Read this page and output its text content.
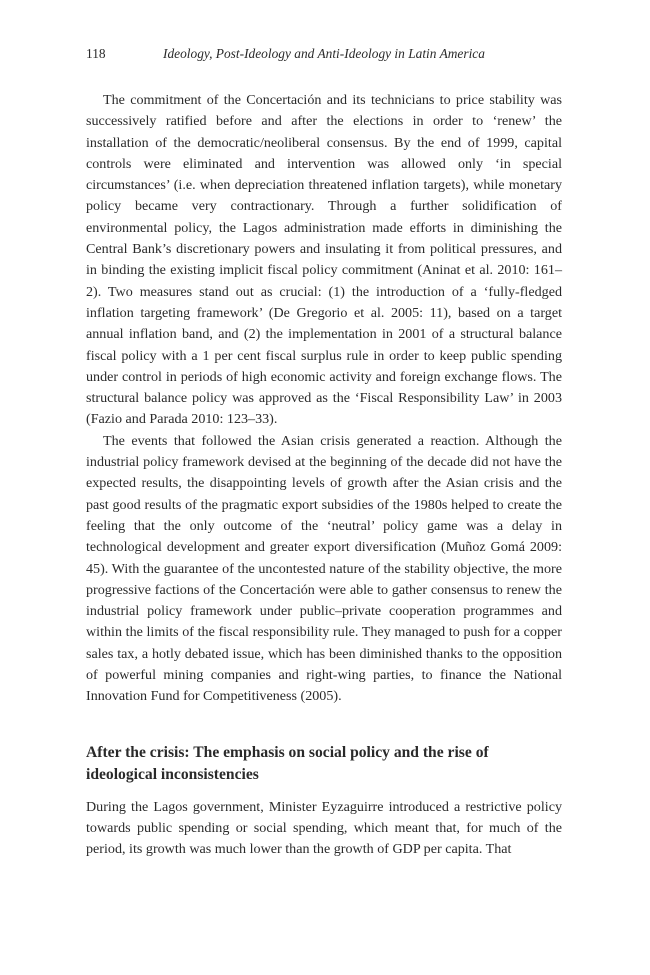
118	Ideology, Post-Ideology and Anti-Ideology in Latin America

The commitment of the Concertación and its technicians to price stability was successively ratified before and after the elections in order to ‘renew’ the installation of the democratic/neoliberal consensus. By the end of 1999, capital controls were eliminated and intervention was allowed only ‘in special circumstances’ (i.e. when depreciation threatened inflation targets), while monetary policy became very contractionary. Through a further solidification of environmental policy, the Lagos administration made efforts in diminishing the Central Bank’s discretionary powers and insulating it from political pressures, and in binding the existing implicit fiscal policy commitment (Aninat et al. 2010: 161–2). Two measures stand out as crucial: (1) the introduction of a ‘fully-fledged inflation targeting framework’ (De Gregorio et al. 2005: 11), based on a target annual inflation band, and (2) the implementation in 2001 of a structural balance fiscal policy with a 1 per cent fiscal surplus rule in order to keep public spending under control in periods of high economic activity and foreign exchange flows. The structural balance policy was approved as the ‘Fiscal Responsibility Law’ in 2003 (Fazio and Parada 2010: 123–33).

The events that followed the Asian crisis generated a reaction. Although the industrial policy framework devised at the beginning of the decade did not have the expected results, the disappointing levels of growth after the Asian crisis and the past good results of the pragmatic export subsidies of the 1980s helped to create the feeling that the only outcome of the ‘neutral’ policy game was a delay in technological development and greater export diversification (Muñoz Gomá 2009: 45). With the guarantee of the uncontested nature of the stability objective, the more progressive factions of the Concertación were able to gather consensus to renew the industrial policy framework under public–private cooperation programmes and within the limits of the fiscal responsibility rule. They managed to push for a copper sales tax, a hotly debated issue, which has been diminished thanks to the opposition of powerful mining companies and right-wing parties, to finance the National Innovation Fund for Competitiveness (2005).

After the crisis: The emphasis on social policy and the rise of ideological inconsistencies

During the Lagos government, Minister Eyzaguirre introduced a restrictive policy towards public spending or social spending, which meant that, for much of the period, its growth was much lower than the growth of GDP per capita. That
